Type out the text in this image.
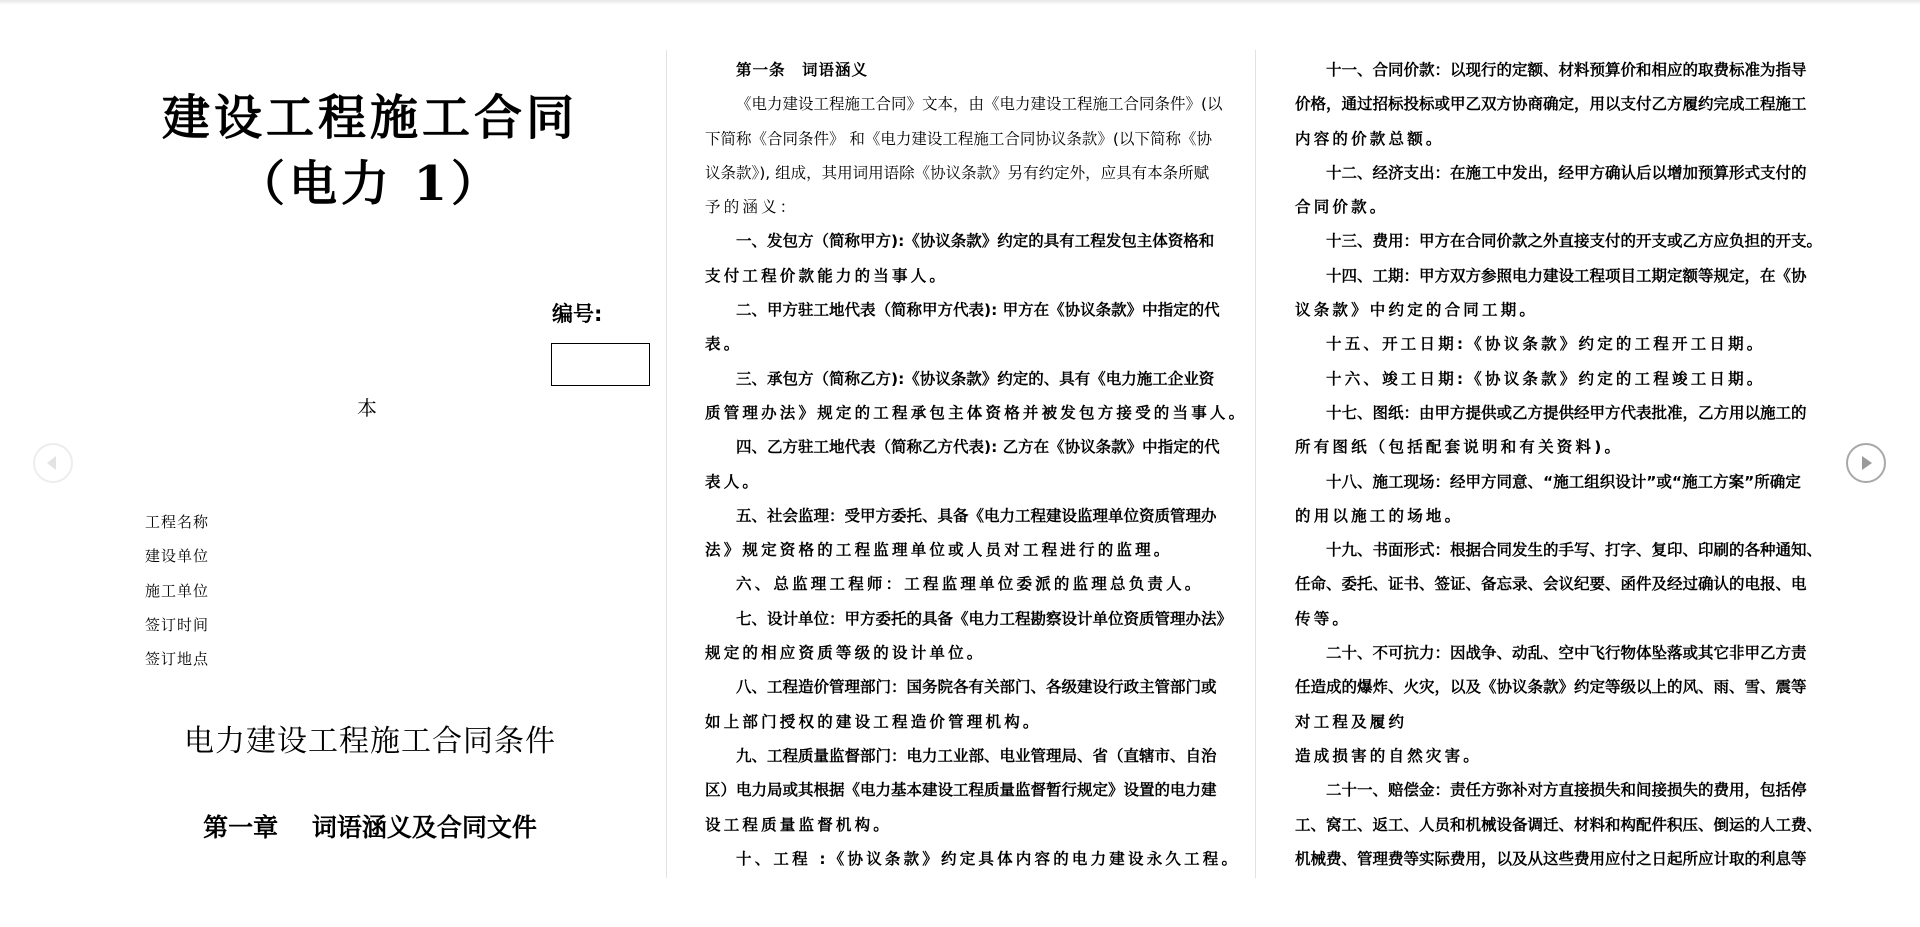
建设工程施工合同
（电力 1）
编号:
本
工程名称
建设单位
施工单位
签订时间
签订地点
电力建设工程施工合同条件
第一章　 词语涵义及合同文件
第一条　词语涵义
《电力建设工程施工合同》文本，由《电力建设工程施工合同条件》(以
下简称《合同条件》 和《电力建设工程施工合同协议条款》(以下简称《协
议条款》), 组成，其用词用语除《协议条款》另有约定外，应具有本条所赋
予的涵义：
一、发包方（简称甲方):《协议条款》约定的具有工程发包主体资格和
支付工程价款能力的当事人。
二、甲方驻工地代表（简称甲方代表): 甲方在《协议条款》中指定的代
表。
三、承包方（简称乙方):《协议条款》约定的、具有《电力施工企业资
质管理办法》规定的工程承包主体资格并被发包方接受的当事人。
四、乙方驻工地代表（简称乙方代表): 乙方在《协议条款》中指定的代
表人。
五、社会监理：受甲方委托、具备《电力工程建设监理单位资质管理办
法》规定资格的工程监理单位或人员对工程进行的监理。
六、总监理工程师：工程监理单位委派的监理总负责人。
七、设计单位：甲方委托的具备《电力工程勘察设计单位资质管理办法》
规定的相应资质等级的设计单位。
八、工程造价管理部门：国务院各有关部门、各级建设行政主管部门或
如上部门授权的建设工程造价管理机构。
九、工程质量监督部门：电力工业部、电业管理局、省（直辖市、自治
区）电力局或其根据《电力基本建设工程质量监督暂行规定》设置的电力建
设工程质量监督机构。
十、工程 :《协议条款》约定具体内容的电力建设永久工程。
十一、合同价款：以现行的定额、材料预算价和相应的取费标准为指导
价格，通过招标投标或甲乙双方协商确定，用以支付乙方履约完成工程施工
内容的价款总额。
十二、经济支出：在施工中发出，经甲方确认后以增加预算形式支付的
合同价款。
十三、费用：甲方在合同价款之外直接支付的开支或乙方应负担的开支。
十四、工期：甲方双方参照电力建设工程项目工期定额等规定，在《协
议条款》中约定的合同工期。
十五、开工日期:《协议条款》约定的工程开工日期。
十六、竣工日期:《协议条款》约定的工程竣工日期。
十七、图纸：由甲方提供或乙方提供经甲方代表批准，乙方用以施工的
所有图纸（包括配套说明和有关资料)。
十八、施工现场：经甲方同意、“施工组织设计”或“施工方案”所确定
的用以施工的场地。
十九、书面形式：根据合同发生的手写、打字、复印、印刷的各种通知、
任命、委托、证书、签证、备忘录、会议纪要、函件及经过确认的电报、电
传等。
二十、不可抗力：因战争、动乱、空中飞行物体坠落或其它非甲乙方责
任造成的爆炸、火灾，以及《协议条款》约定等级以上的风、雨、雪、震等
对工程及履约
造成损害的自然灾害。
二十一、赔偿金：责任方弥补对方直接损失和间接损失的费用，包括停
工、窝工、返工、人员和机械设备调迁、材料和构配件积压、倒运的人工费、
机械费、管理费等实际费用，以及从这些费用应付之日起所应计取的利息等
